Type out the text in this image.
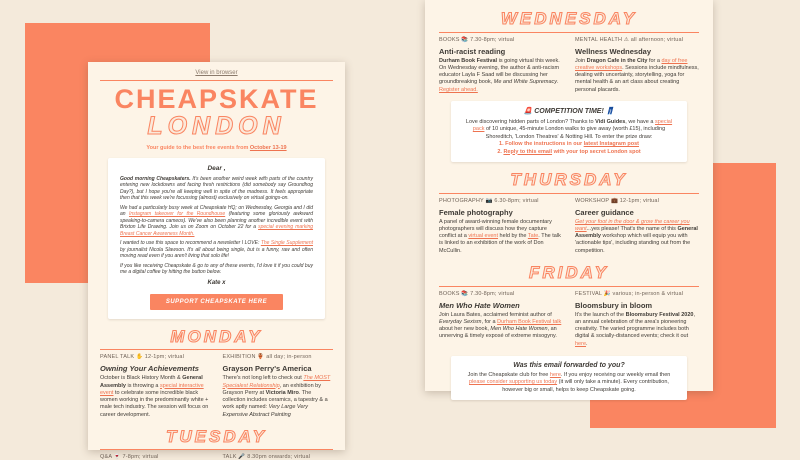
View in browser
CHEAPSKATE
LONDON
Your guide to the best free events from October 13-19
Dear ,

Good morning Cheapskaters. It's been another weird week with parts of the country entering new lockdowns and facing fresh restrictions (did somebody say Groundhog Day?), but I hope you're all keeping well in spite of the madness. It feels appropriate then that this week we're focussing (almost) exclusively on virtual goings-on.

We had a particularly busy week at Cheapskate HQ; on Wednesday, Georgia and I did an Instagram takeover for the Roundhouse (featuring some gloriously awkward speaking-to-camera cameos). We've also been planning another incredible event with Brixton Life Drawing. Join us on Zoom on October 22 for a special evening marking Breast Cancer Awareness Month.

I wanted to use this space to recommend a newsletter I LOVE: The Single Supplement by journalist Nicola Slawson. It's all about being single, but is a funny, raw and often moving read even if you aren't living that solo life!

If you like receiving Cheapskate & go to any of these events, I'd love it if you could buy me a digital coffee by hitting the button below.

Kate x
SUPPORT CHEAPSKATE HERE
MONDAY
PANEL TALK ✋ 12-1pm; virtual
Owning Your Achievements
October is Black History Month & General Assembly is throwing a special interactive event to celebrate some incredible black women working in the predominantly white + male tech industry. The session will focus on career development.
EXHIBITION 🏺 all day; in-person
Grayson Perry's America
There's not long left to check out The MOST Specialest Relationship, an exhibition by Grayson Perry at Victoria Miro. The collection includes ceramics, a tapestry & a work aptly named: Very Large Very Expensive Abstract Painting
TUESDAY
Q&A 🍷 7-8pm; virtual	TALK 🎤 8.30pm onwards; virtual
WEDNESDAY
BOOKS 📚 7.30-8pm; virtual
Anti-racist reading
Durham Book Festival is going virtual this week. On Wednesday evening, the author & anti-racism educator Layla F Saad will be discussing her groundbreaking book, Me and White Supremacy. Register ahead.
MENTAL HEALTH ⚠ all afternoon; virtual
Wellness Wednesday
Join Dragon Cafe in the City for a day of free creative workshops. Sessions include mindfulness, dealing with uncertainty, storytelling, yoga for mental health & an art class about creating personal placards.
🚨 COMPETITION TIME! 👖
Love discovering hidden parts of London? Thanks to Vidi Guides, we have a special pack of 10 unique, 45-minute London walks to give away (worth £15), including Shoreditch, 'London Theatres' & Notting Hill. To enter the prize draw:
1. Follow the instructions in our latest Instagram post
2. Reply to this email with your top secret London spot
THURSDAY
PHOTOGRAPHY 📷 6.30-8pm; virtual
Female photography
A panel of award-winning female documentary photographers will discuss how they capture conflict at a virtual event held by the Tate. The talk is linked to an exhibition of the work of Don McCullin.
WORKSHOP 💼 12-1pm; virtual
Career guidance
Get your foot in the door & grow the career you want...yes please! That's the name of this General Assembly workshop which will equip you with 'actionable tips', including standing out from the competition.
FRIDAY
BOOKS 📚 7.30-8pm; virtual
Men Who Hate Women
Join Laura Bates, acclaimed feminist author of Everyday Sexism, for a Durham Book Festival talk about her new book, Men Who Hate Women, an unnerving & timely exposé of extreme misogyny.
FESTIVAL 🎉 various; in-person & virtual
Bloomsbury in bloom
It's the launch of the Bloomsbury Festival 2020, an annual celebration of the area's pioneering creativity. The varied programme includes both digital & socially-distanced events; check it out here.
Was this email forwarded to you?
Join the Cheapskate club for free here. If you enjoy receiving our weekly email then please consider supporting us today (it will only take a minute). Every contribution, however big or small, helps to keep Cheapskate going.
